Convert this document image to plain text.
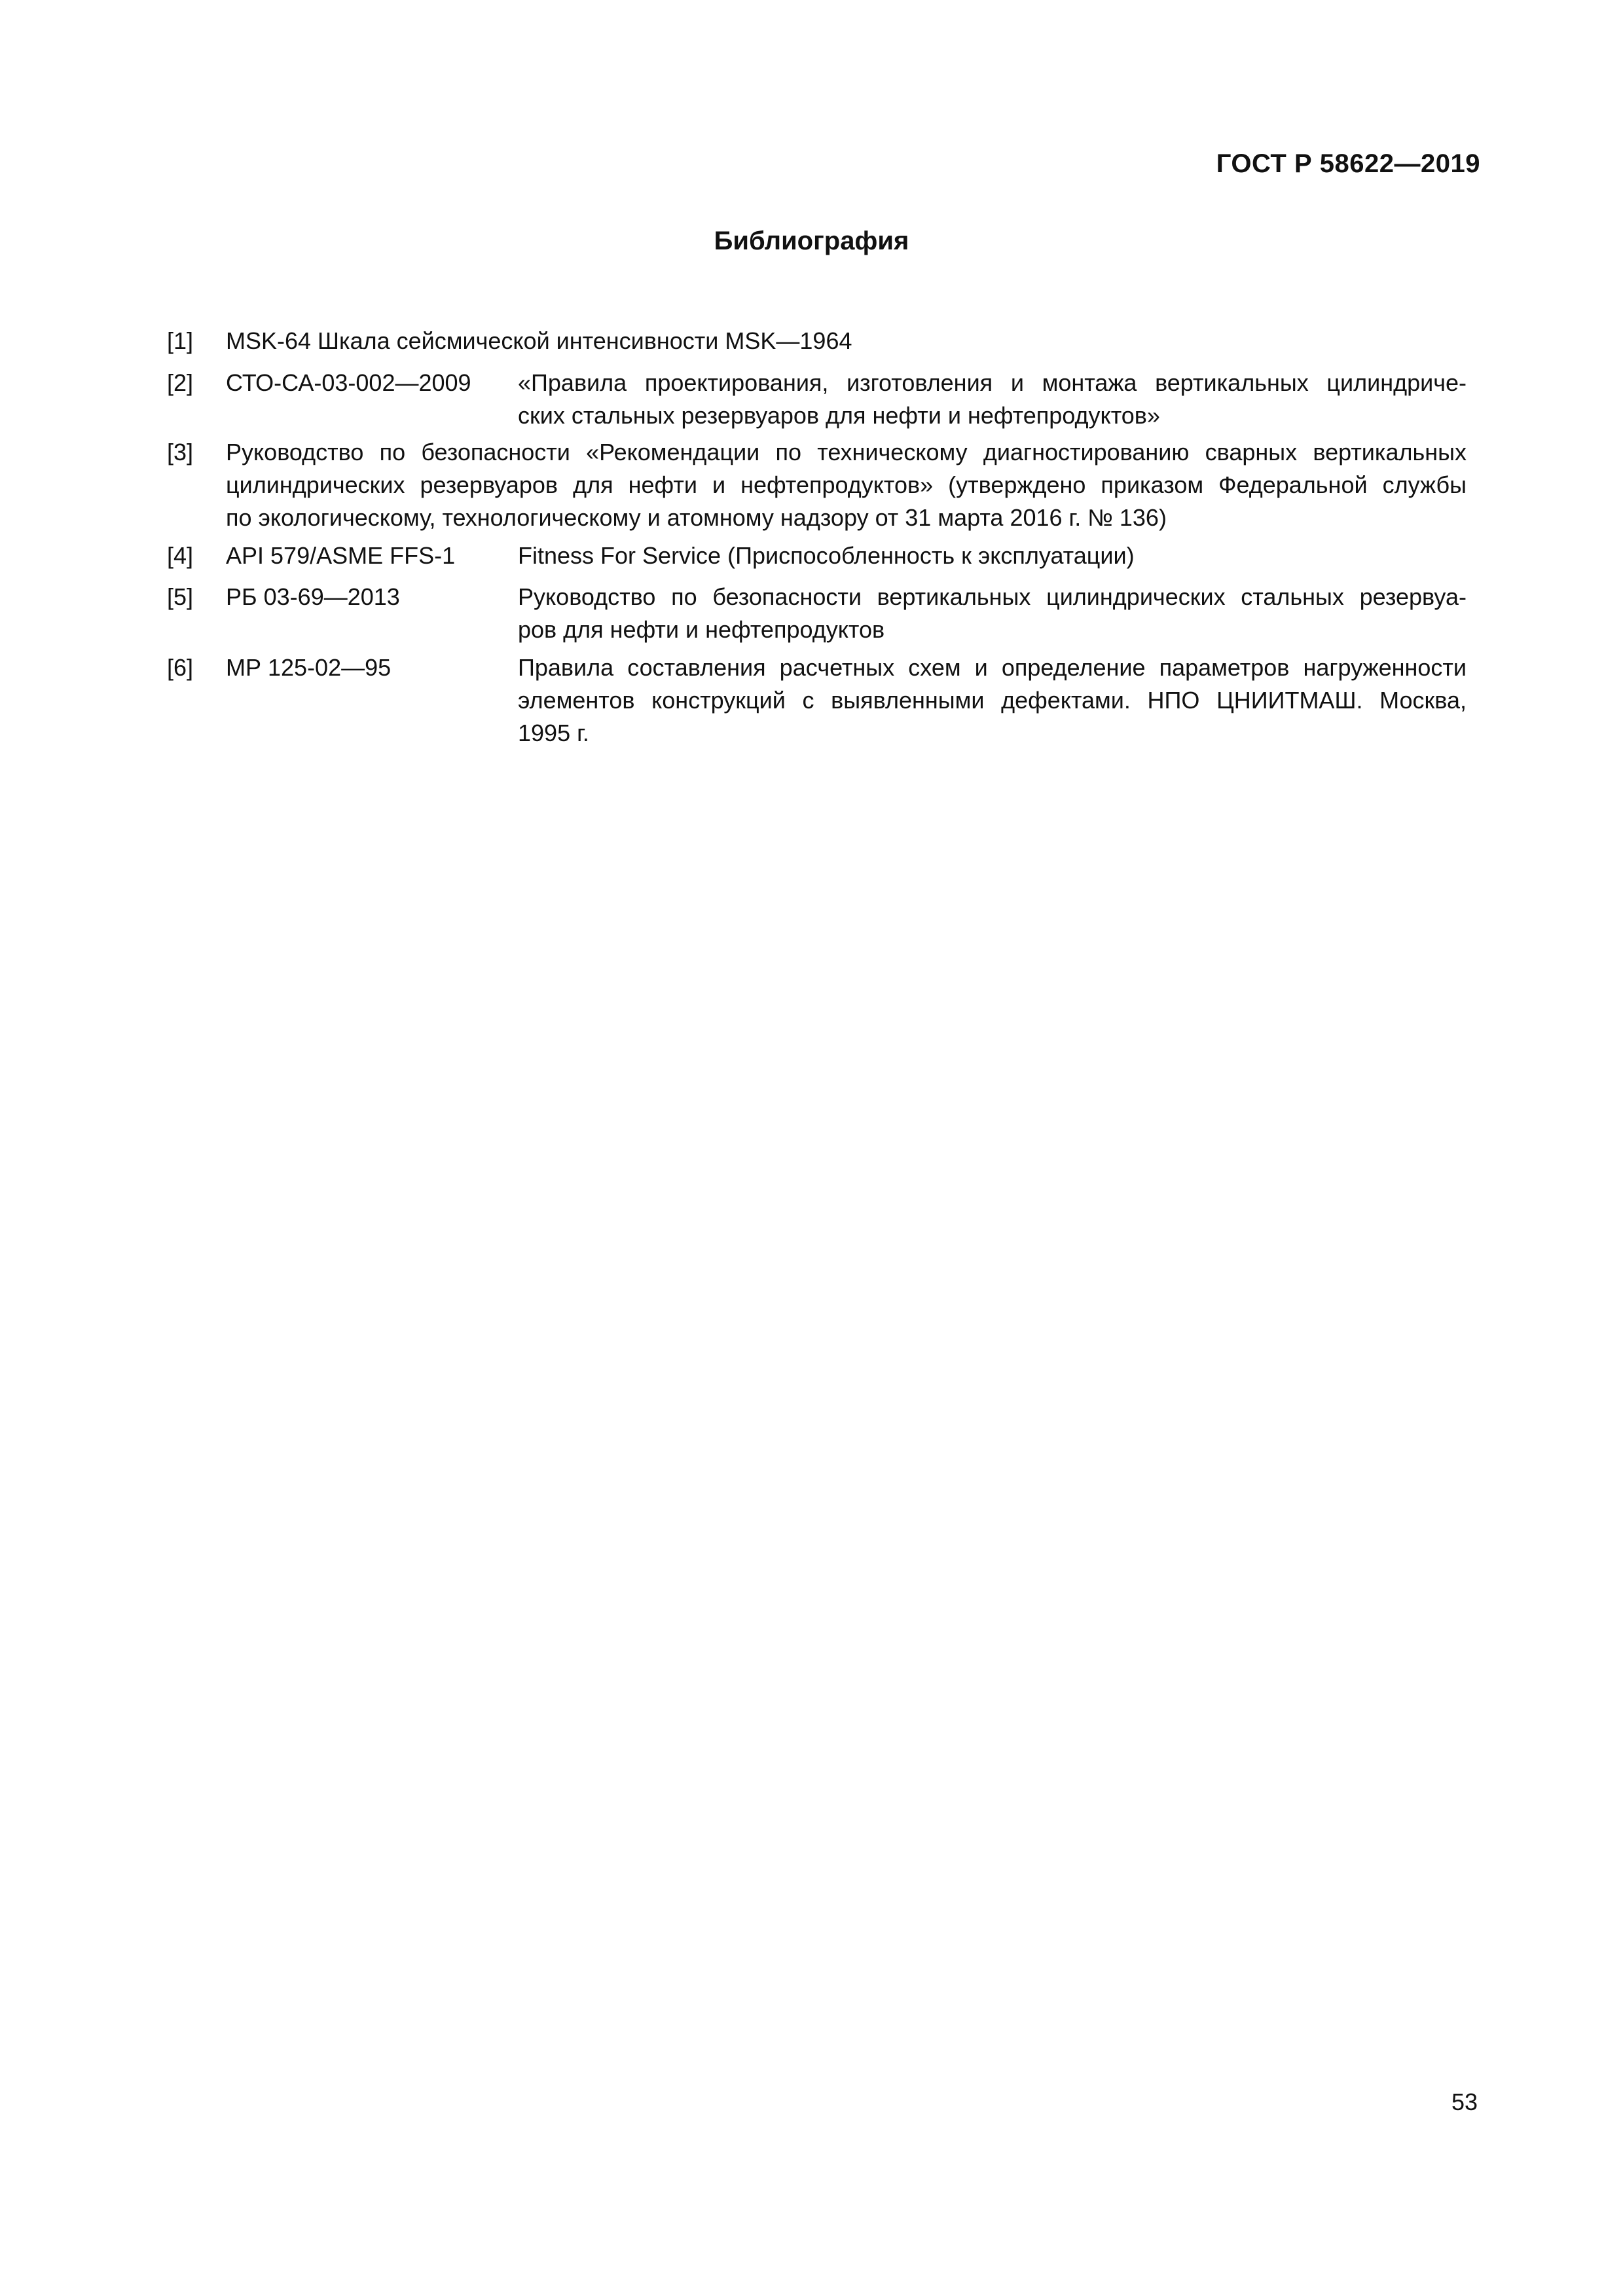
ГОСТ Р 58622—2019
Библиография
[1] MSK-64 Шкала сейсмической интенсивности MSK—1964
[2] СТО-СА-03-002—2009 «Правила проектирования, изготовления и монтажа вертикальных цилиндриче-
ских стальных резервуаров для нефти и нефтепродуктов»
[3] Руководство по безопасности «Рекомендации по техническому диагностированию сварных вертикальных
цилиндрических резервуаров для нефти и нефтепродуктов» (утверждено приказом Федеральной службы
по экологическому, технологическому и атомному надзору от 31 марта 2016 г. № 136)
[4] API 579/ASME FFS-1	Fitness For Service (Приспособленность к эксплуатации)
[5] РБ 03-69—2013	Руководство по безопасности вертикальных цилиндрических стальных резервуа-
ров для нефти и нефтепродуктов
[6] МР 125-02—95	Правила составления расчетных схем и определение параметров нагруженности
элементов конструкций с выявленными дефектами. НПО ЦНИИТМАШ. Москва,
1995 г.
53
